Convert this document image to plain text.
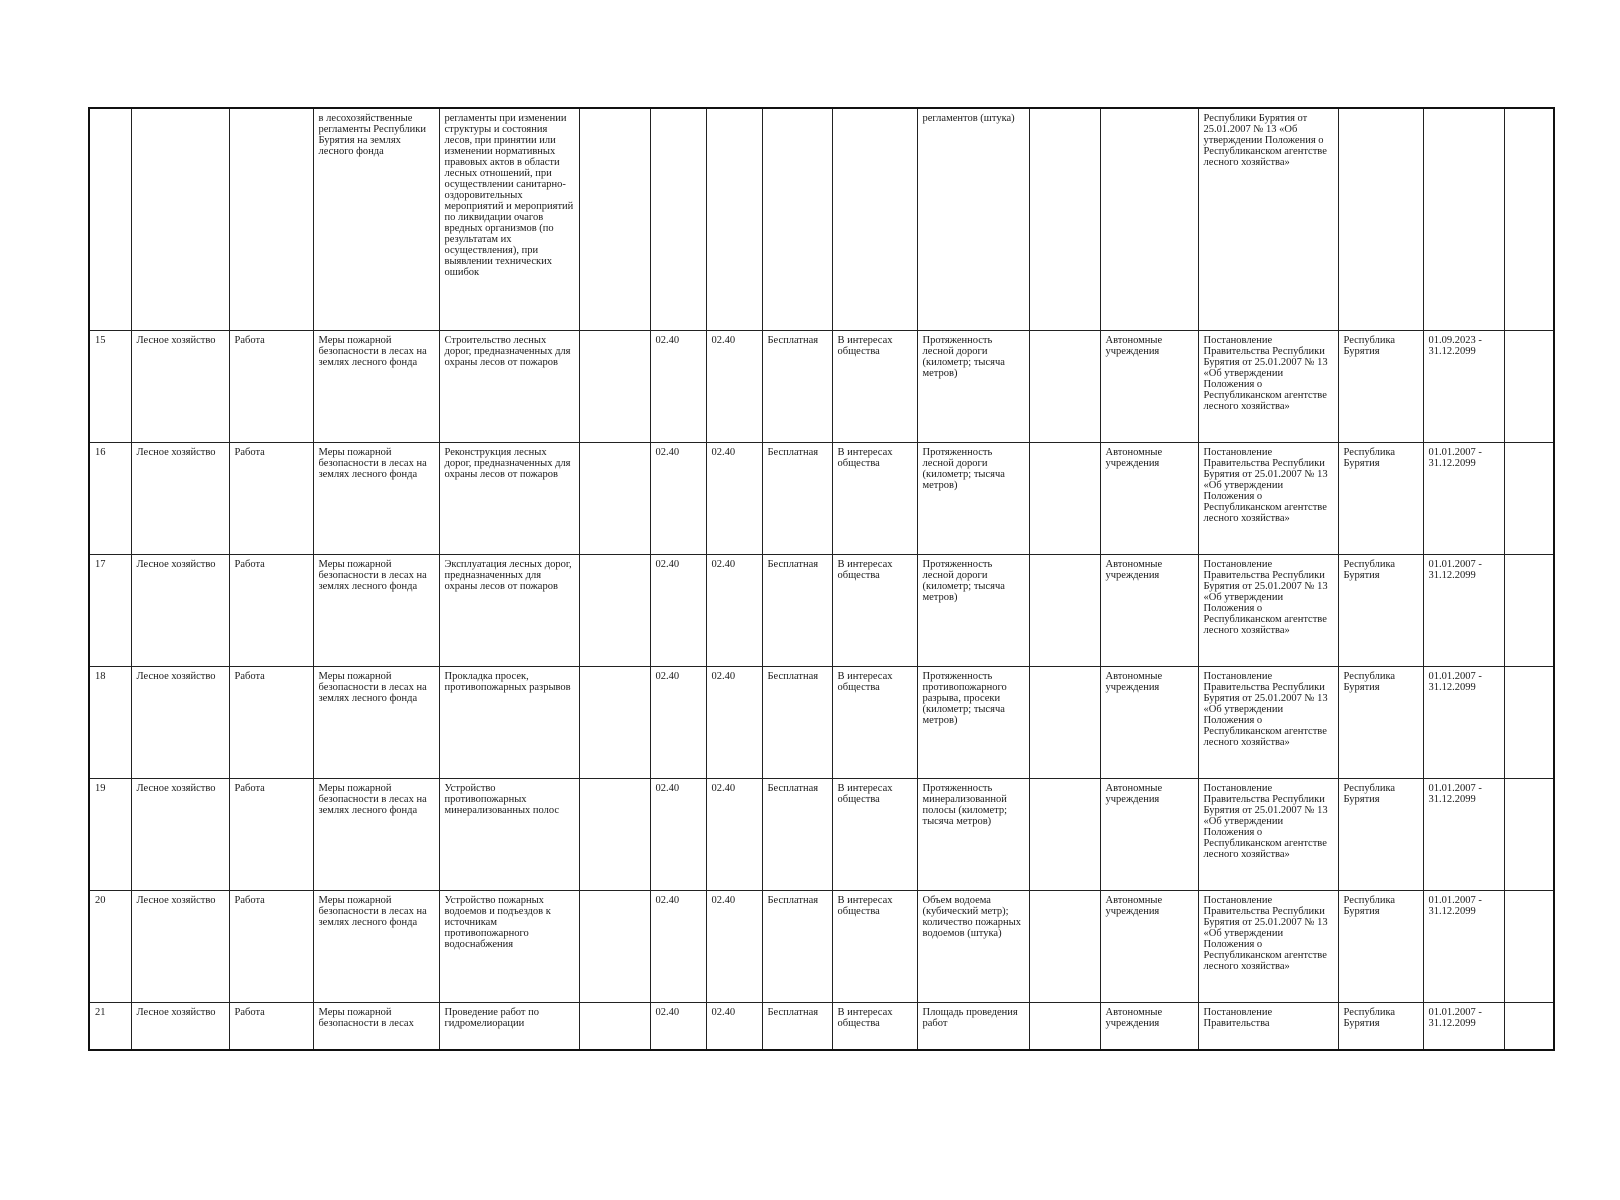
			в лесохозяйственные регламенты Республики Бурятия на землях лесного фонда	регламенты при изменении структуры и состояния лесов, при принятии или изменении нормативных правовых актов в области лесных отношений, при осуществлении санитарно-оздоровительных мероприятий и мероприятий по ликвидации очагов вредных организмов (по результатам их осуществления), при выявлении технических ошибок						регламентов (штука)			Республики Бурятия от 25.01.2007 № 13 «Об утверждении Положения о Республиканском агентстве лесного хозяйства»			
15	Лесное хозяйство	Работа	Меры пожарной безопасности в лесах на землях лесного фонда	Строительство лесных дорог, предназначенных для охраны лесов от пожаров		02.40	02.40	Бесплатная	В интересах общества	Протяженность лесной дороги (километр; тысяча метров)		Автономные учреждения	Постановление Правительства Республики Бурятия от 25.01.2007 № 13 «Об утверждении Положения о Республиканском агентстве лесного хозяйства»	Республика Бурятия	01.09.2023 - 31.12.2099	
16	Лесное хозяйство	Работа	Меры пожарной безопасности в лесах на землях лесного фонда	Реконструкция лесных дорог, предназначенных для охраны лесов от пожаров		02.40	02.40	Бесплатная	В интересах общества	Протяженность лесной дороги (километр; тысяча метров)		Автономные учреждения	Постановление Правительства Республики Бурятия от 25.01.2007 № 13 «Об утверждении Положения о Республиканском агентстве лесного хозяйства»	Республика Бурятия	01.01.2007 - 31.12.2099	
17	Лесное хозяйство	Работа	Меры пожарной безопасности в лесах на землях лесного фонда	Эксплуатация лесных дорог, предназначенных для охраны лесов от пожаров		02.40	02.40	Бесплатная	В интересах общества	Протяженность лесной дороги (километр; тысяча метров)		Автономные учреждения	Постановление Правительства Республики Бурятия от 25.01.2007 № 13 «Об утверждении Положения о Республиканском агентстве лесного хозяйства»	Республика Бурятия	01.01.2007 - 31.12.2099	
18	Лесное хозяйство	Работа	Меры пожарной безопасности в лесах на землях лесного фонда	Прокладка просек, противопожарных разрывов		02.40	02.40	Бесплатная	В интересах общества	Протяженность противопожарного разрыва, просеки (километр; тысяча метров)		Автономные учреждения	Постановление Правительства Республики Бурятия от 25.01.2007 № 13 «Об утверждении Положения о Республиканском агентстве лесного хозяйства»	Республика Бурятия	01.01.2007 - 31.12.2099	
19	Лесное хозяйство	Работа	Меры пожарной безопасности в лесах на землях лесного фонда	Устройство противопожарных минерализованных полос		02.40	02.40	Бесплатная	В интересах общества	Протяженность минерализованной полосы (километр; тысяча метров)		Автономные учреждения	Постановление Правительства Республики Бурятия от 25.01.2007 № 13 «Об утверждении Положения о Республиканском агентстве лесного хозяйства»	Республика Бурятия	01.01.2007 - 31.12.2099	
20	Лесное хозяйство	Работа	Меры пожарной безопасности в лесах на землях лесного фонда	Устройство пожарных водоемов и подъездов к источникам противопожарного водоснабжения		02.40	02.40	Бесплатная	В интересах общества	Объем водоема (кубический метр); количество пожарных водоемов (штука)		Автономные учреждения	Постановление Правительства Республики Бурятия от 25.01.2007 № 13 «Об утверждении Положения о Республиканском агентстве лесного хозяйства»	Республика Бурятия	01.01.2007 - 31.12.2099	
21	Лесное хозяйство	Работа	Меры пожарной безопасности в лесах	Проведение работ по гидромелиорации		02.40	02.40	Бесплатная	В интересах общества	Площадь проведения работ		Автономные учреждения	Постановление Правительства	Республика Бурятия	01.01.2007 - 31.12.2099	
